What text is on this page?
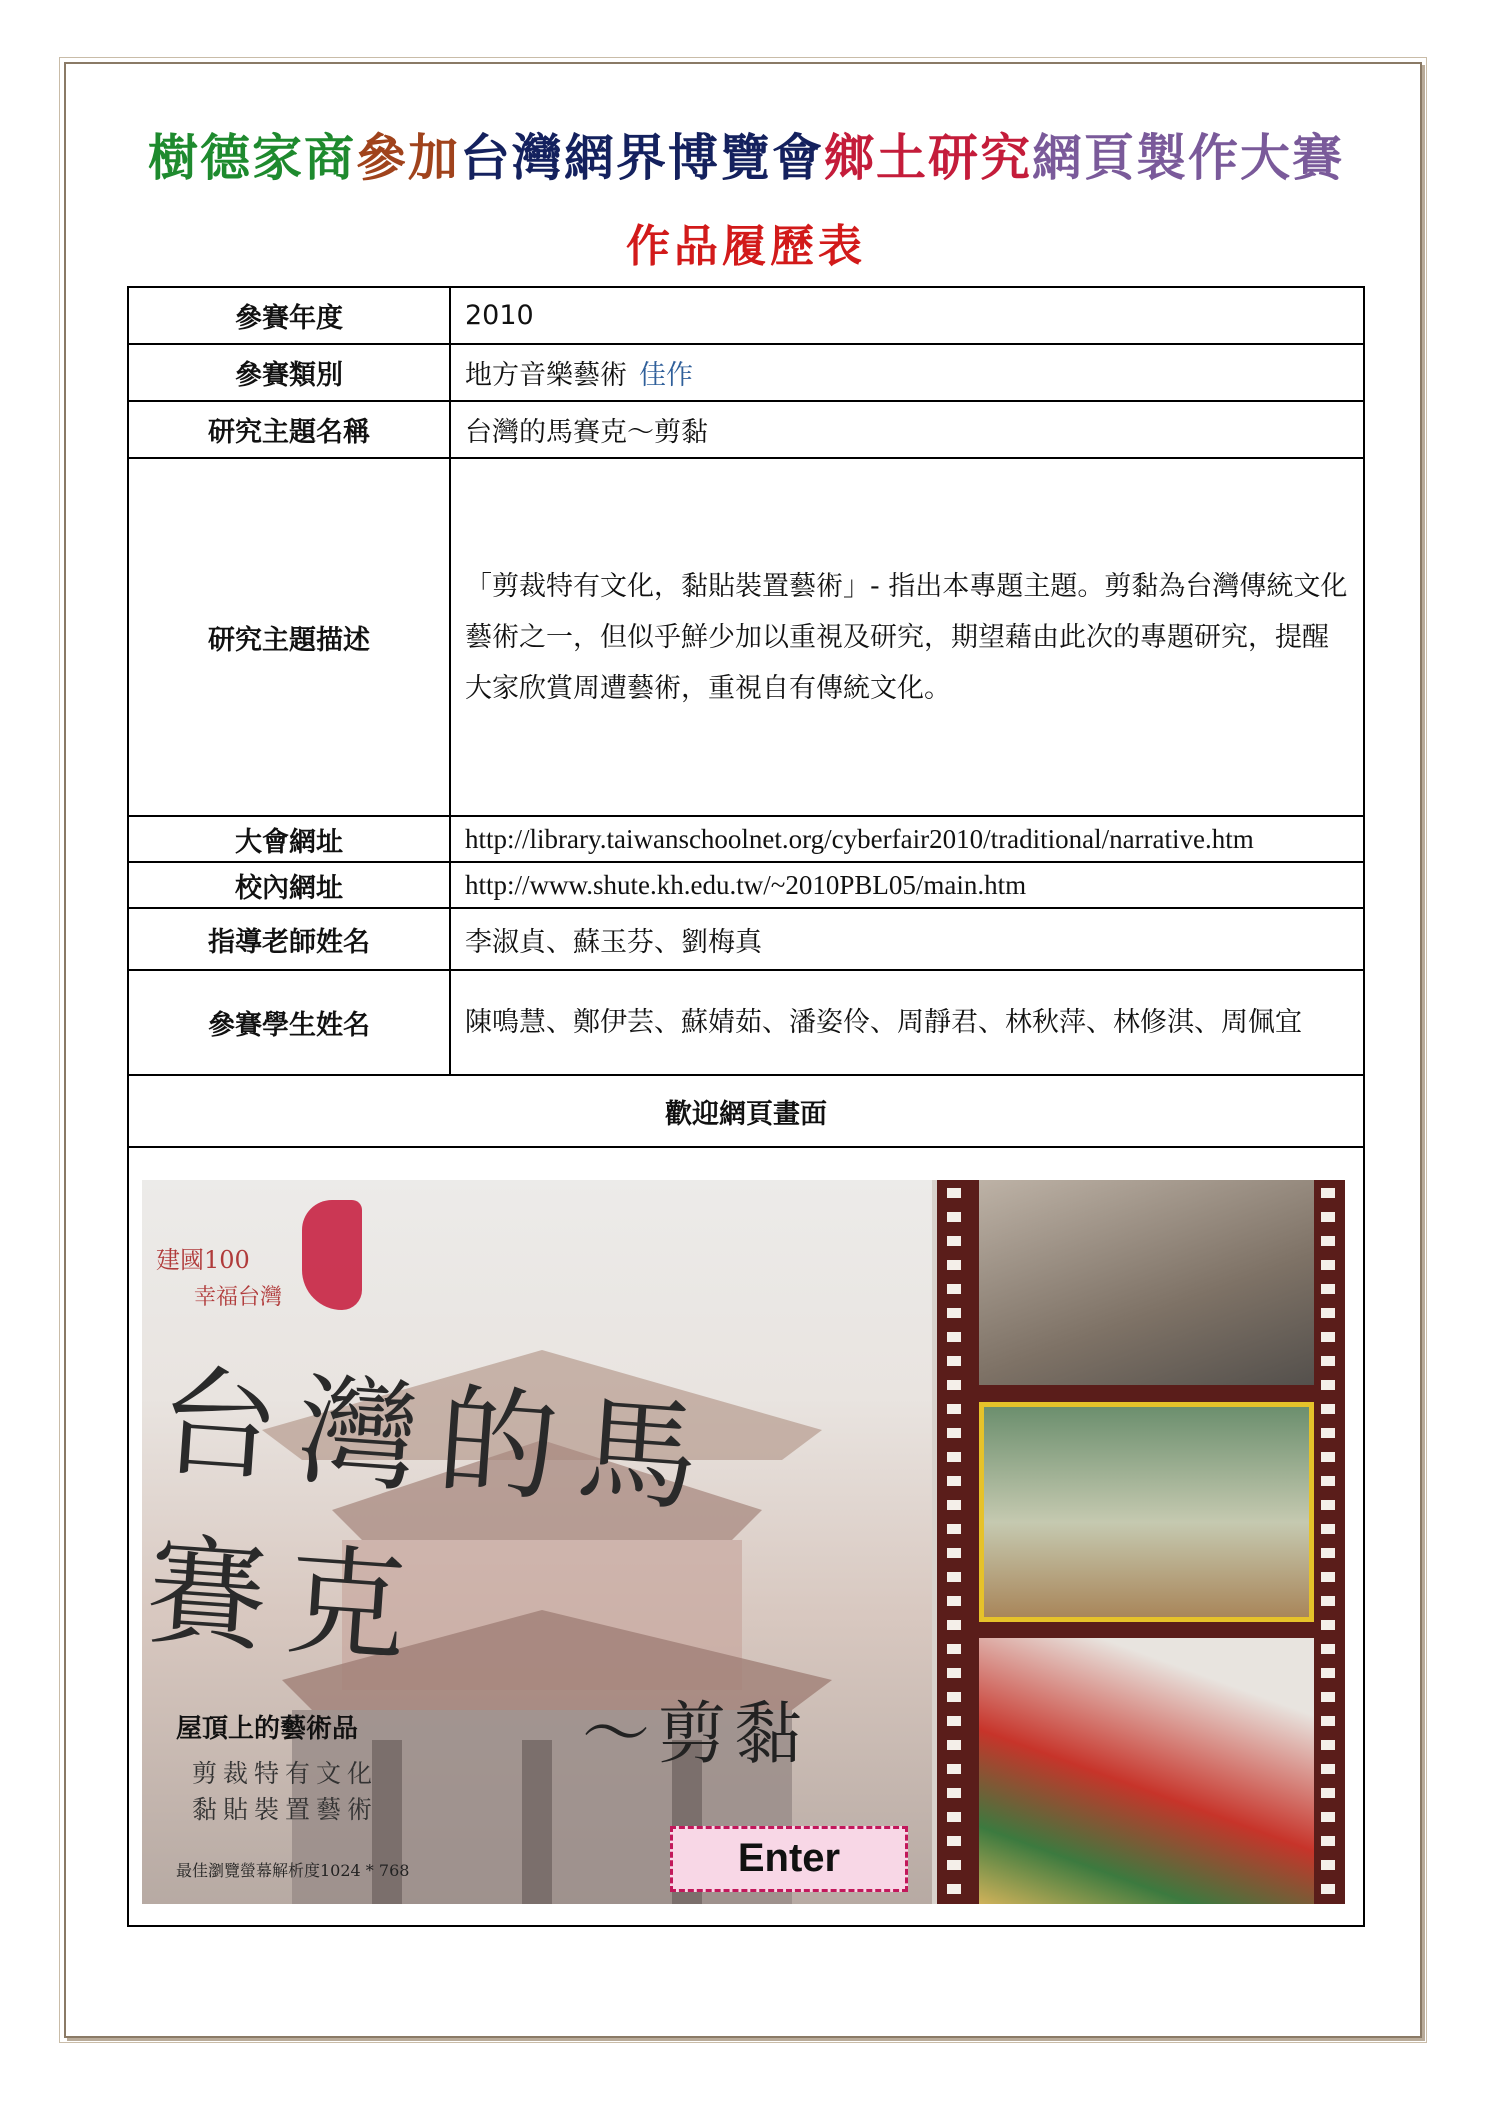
樹德家商參加台灣網界博覽會鄉土研究網頁製作大賽
作品履歷表
參賽年度	2010
參賽類別	地方音樂藝術 佳作
研究主題名稱	台灣的馬賽克～剪黏
研究主題描述	「剪裁特有文化，黏貼裝置藝術」- 指出本專題主題。剪黏為台灣傳統文化藝術之一，但似乎鮮少加以重視及研究，期望藉由此次的專題研究，提醒大家欣賞周遭藝術，重視自有傳統文化。
大會網址	http://library.taiwanschoolnet.org/cyberfair2010/traditional/narrative.htm
校內網址	http://www.shute.kh.edu.tw/~2010PBL05/main.htm
指導老師姓名	李淑貞、蘇玉芬、劉梅真
參賽學生姓名	陳鳴慧、鄭伊芸、蘇婧茹、潘姿伶、周靜君、林秋萍、林修淇、周佩宜
歡迎網頁畫面	

建國100
幸福台灣
台灣的馬賽克
～剪黏
屋頂上的藝術品
剪裁特有文化
黏貼裝置藝術
最佳瀏覽螢幕解析度1024 * 768	Enter
